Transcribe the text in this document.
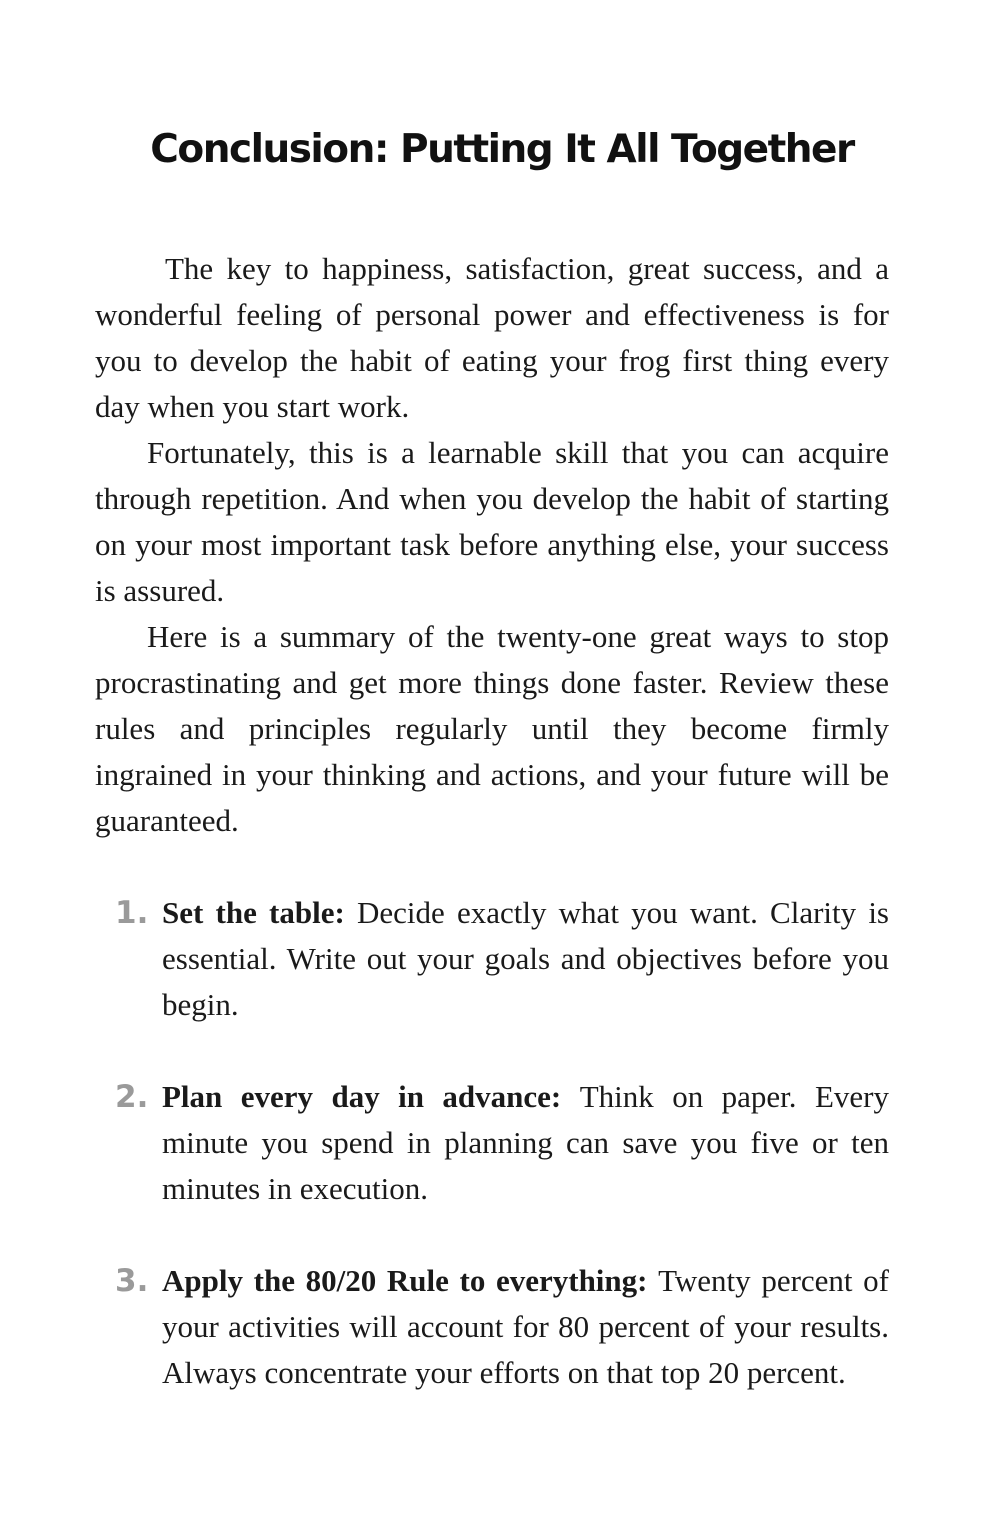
Conclusion: Putting It All Together

The key to happiness, satisfaction, great success, and a wonderful feeling of personal power and effectiveness is for you to develop the habit of eating your frog first thing every day when you start work.

Fortunately, this is a learnable skill that you can acquire through repetition. And when you develop the habit of starting on your most important task before anything else, your success is assured.

Here is a summary of the twenty-one great ways to stop procrastinating and get more things done faster. Review these rules and principles regularly until they become firmly ingrained in your thinking and actions, and your future will be guaranteed.

1. Set the table: Decide exactly what you want. Clarity is essential. Write out your goals and objectives before you begin.
2. Plan every day in advance: Think on paper. Every minute you spend in planning can save you five or ten minutes in execution.
3. Apply the 80/20 Rule to everything: Twenty percent of your activities will account for 80 percent of your results. Always concentrate your efforts on that top 20 percent.
